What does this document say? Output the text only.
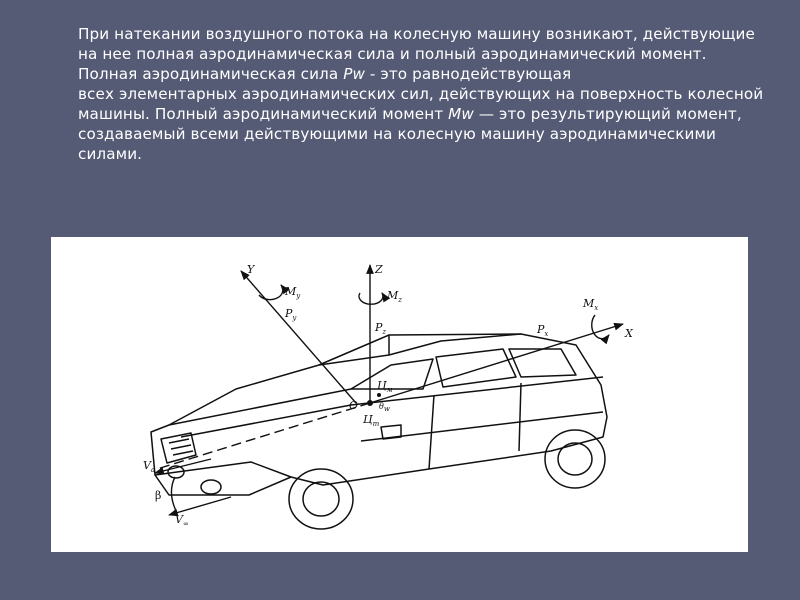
При натекании воздушного потока на колесную машину возникают, действующие на нее полная аэродинамическая сила и полный аэродинамический момент. Полная аэродинамическая сила Pw - это равнодействующая

всех элементарных аэродинамических сил, действующих на поверхность колесной машины. Полный аэродинамический момент Mw — это результирующий момент, создаваемый всеми действующими на колесную машину аэродинамическими силами.

Y	Z
X
$M_y$	$M_z$	$M_x$
$P_y$
$P_z$	$P_x$
O
$Ц_м$
$Ц_т$
θw
$V_a$
β
$V_\infty$
